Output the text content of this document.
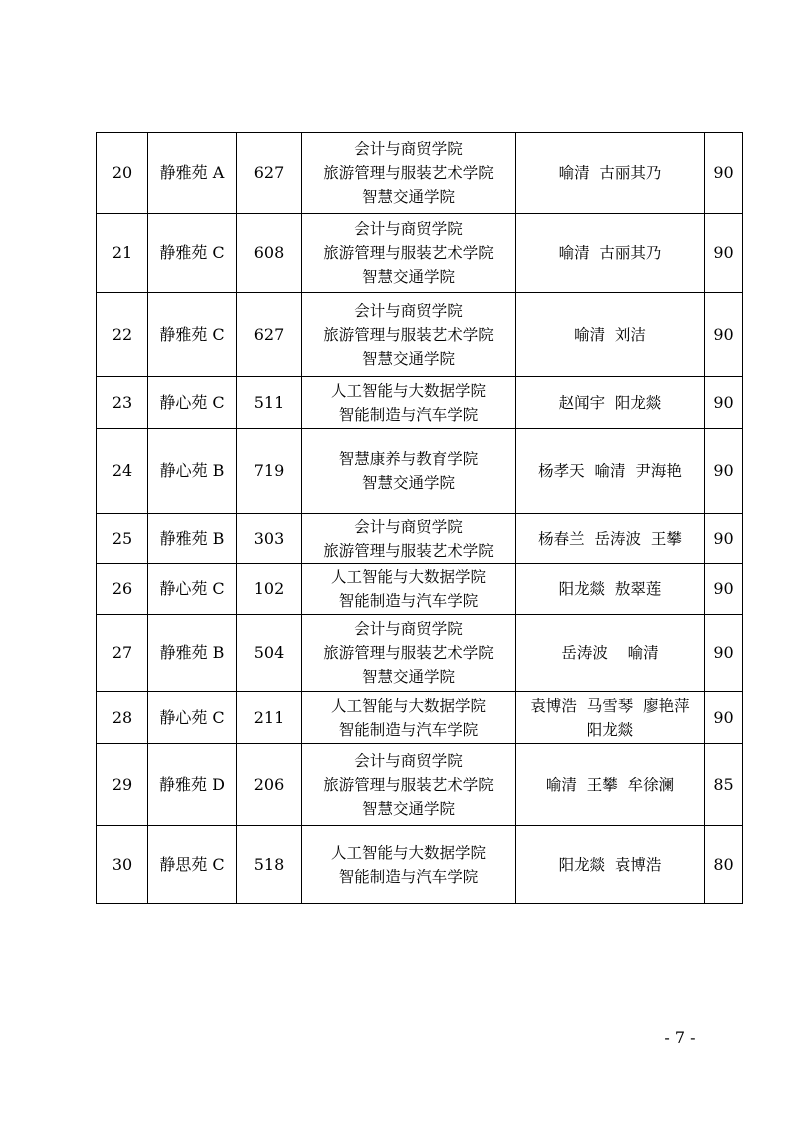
20	静雅苑 A	627	会计与商贸学院
旅游管理与服装艺术学院
智慧交通学院	喻清  古丽其乃	90
21	静雅苑 C	608	会计与商贸学院
旅游管理与服装艺术学院
智慧交通学院	喻清  古丽其乃	90
22	静雅苑 C	627	会计与商贸学院
旅游管理与服装艺术学院
智慧交通学院	喻清  刘洁	90
23	静心苑 C	511	人工智能与大数据学院
智能制造与汽车学院	赵闻宇  阳龙燚	90
24	静心苑 B	719	智慧康养与教育学院
智慧交通学院	杨孝天  喻清  尹海艳	90
25	静雅苑 B	303	会计与商贸学院
旅游管理与服装艺术学院	杨春兰  岳涛波  王攀	90
26	静心苑 C	102	人工智能与大数据学院
智能制造与汽车学院	阳龙燚  敖翠莲	90
27	静雅苑 B	504	会计与商贸学院
旅游管理与服装艺术学院
智慧交通学院	岳涛波    喻清	90
28	静心苑 C	211	人工智能与大数据学院
智能制造与汽车学院	袁博浩  马雪琴  廖艳萍
阳龙燚	90
29	静雅苑 D	206	会计与商贸学院
旅游管理与服装艺术学院
智慧交通学院	喻清  王攀  牟徐澜	85
30	静思苑 C	518	人工智能与大数据学院
智能制造与汽车学院	阳龙燚  袁博浩	80
- 7 -
